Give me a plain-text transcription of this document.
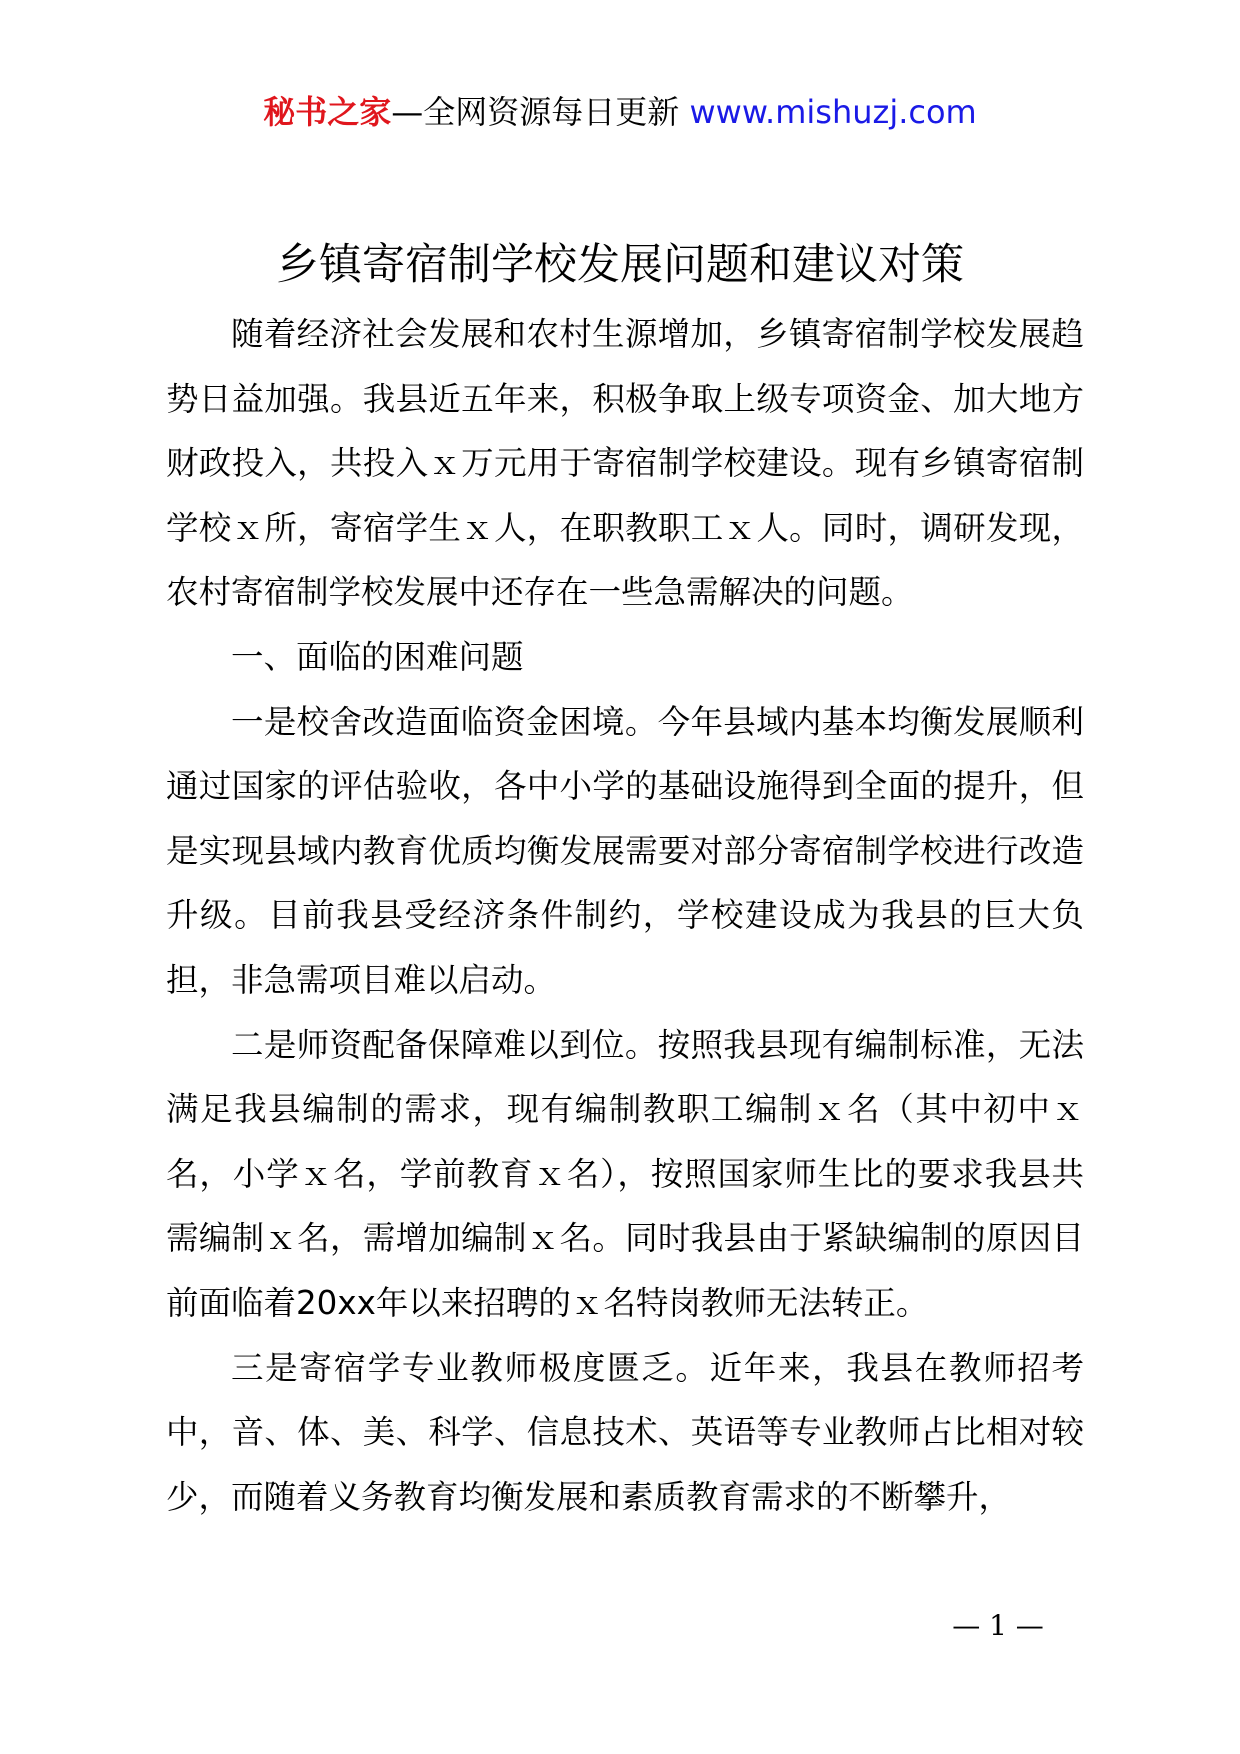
秘书之家—全网资源每日更新 www.mishuzj.com
乡镇寄宿制学校发展问题和建议对策

随着经济社会发展和农村生源增加，乡镇寄宿制学校发展趋势日益加强。我县近五年来，积极争取上级专项资金、加大地方财政投入，共投入ｘ万元用于寄宿制学校建设。现有乡镇寄宿制学校ｘ所，寄宿学生ｘ人，在职教职工ｘ人。同时，调研发现，农村寄宿制学校发展中还存在一些急需解决的问题。

一、面临的困难问题

一是校舍改造面临资金困境。今年县域内基本均衡发展顺利通过国家的评估验收，各中小学的基础设施得到全面的提升，但是实现县域内教育优质均衡发展需要对部分寄宿制学校进行改造升级。目前我县受经济条件制约，学校建设成为我县的巨大负担，非急需项目难以启动。

二是师资配备保障难以到位。按照我县现有编制标准，无法满足我县编制的需求，现有编制教职工编制ｘ名（其中初中ｘ名，小学ｘ名，学前教育ｘ名），按照国家师生比的要求我县共需编制ｘ名，需增加编制ｘ名。同时我县由于紧缺编制的原因目前面临着20xx年以来招聘的ｘ名特岗教师无法转正。

三是寄宿学专业教师极度匮乏。近年来，我县在教师招考中，音、体、美、科学、信息技术、英语等专业教师占比相对较少，而随着义务教育均衡发展和素质教育需求的不断攀升，

— 1 —
